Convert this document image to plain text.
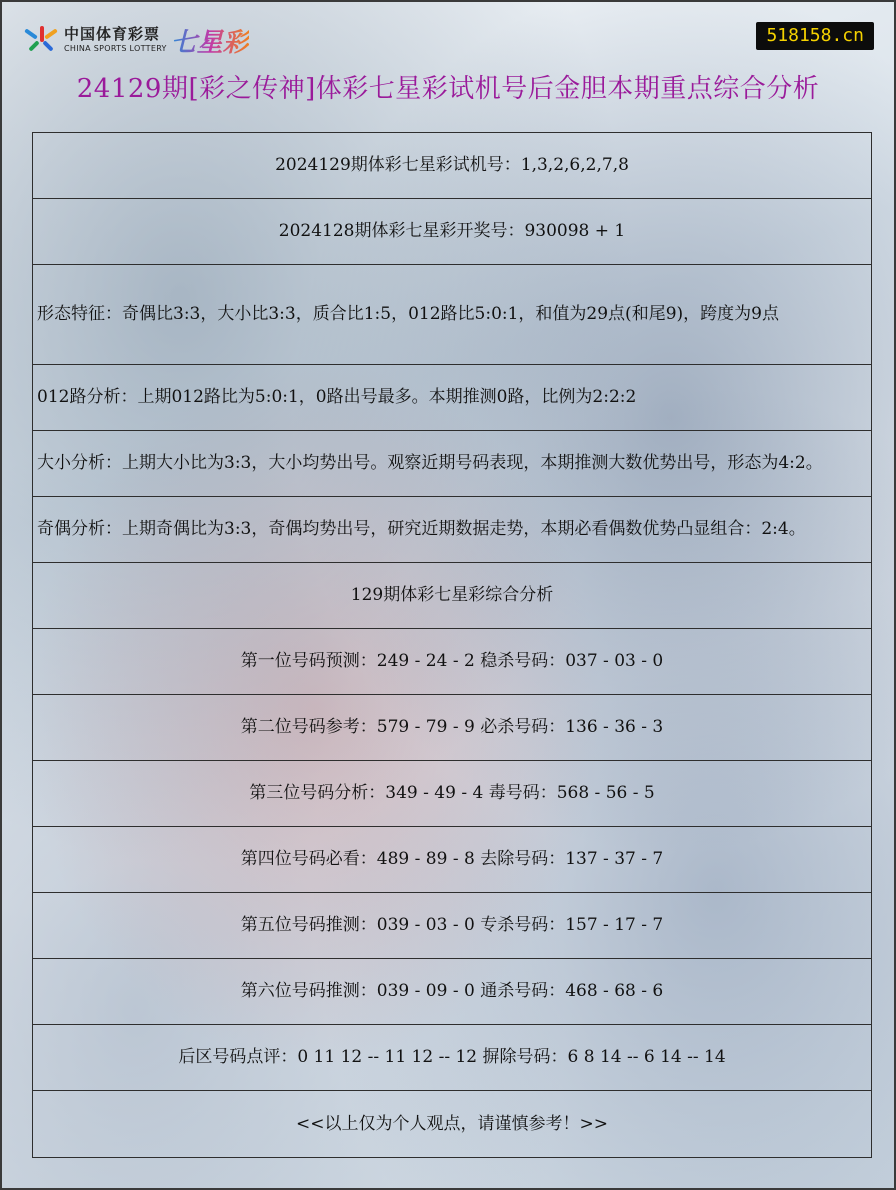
中国体育彩票
CHINA SPORTS LOTTERY 七星彩	518158.cn
24129期[彩之传神]体彩七星彩试机号后金胆本期重点综合分析
2024129期体彩七星彩试机号：1,3,2,6,2,7,8
2024128期体彩七星彩开奖号：930098 + 1
形态特征：奇偶比3:3，大小比3:3，质合比1:5，012路比5:0:1，和值为29点(和尾9)，跨度为9点
012路分析：上期012路比为5:0:1，0路出号最多。本期推测0路，比例为2:2:2
大小分析：上期大小比为3:3，大小均势出号。观察近期号码表现，本期推测大数优势出号，形态为4:2。
奇偶分析：上期奇偶比为3:3，奇偶均势出号，研究近期数据走势，本期必看偶数优势凸显组合：2:4。
129期体彩七星彩综合分析
第一位号码预测：249 - 24 - 2 稳杀号码：037 - 03 - 0
第二位号码参考：579 - 79 - 9 必杀号码：136 - 36 - 3
第三位号码分析：349 - 49 - 4 毒号码：568 - 56 - 5
第四位号码必看：489 - 89 - 8 去除号码：137 - 37 - 7
第五位号码推测：039 - 03 - 0 专杀号码：157 - 17 - 7
第六位号码推测：039 - 09 - 0 通杀号码：468 - 68 - 6
后区号码点评：0 11 12 -- 11 12 -- 12 摒除号码：6 8 14 -- 6 14 -- 14
<<以上仅为个人观点，请谨慎参考！>>
